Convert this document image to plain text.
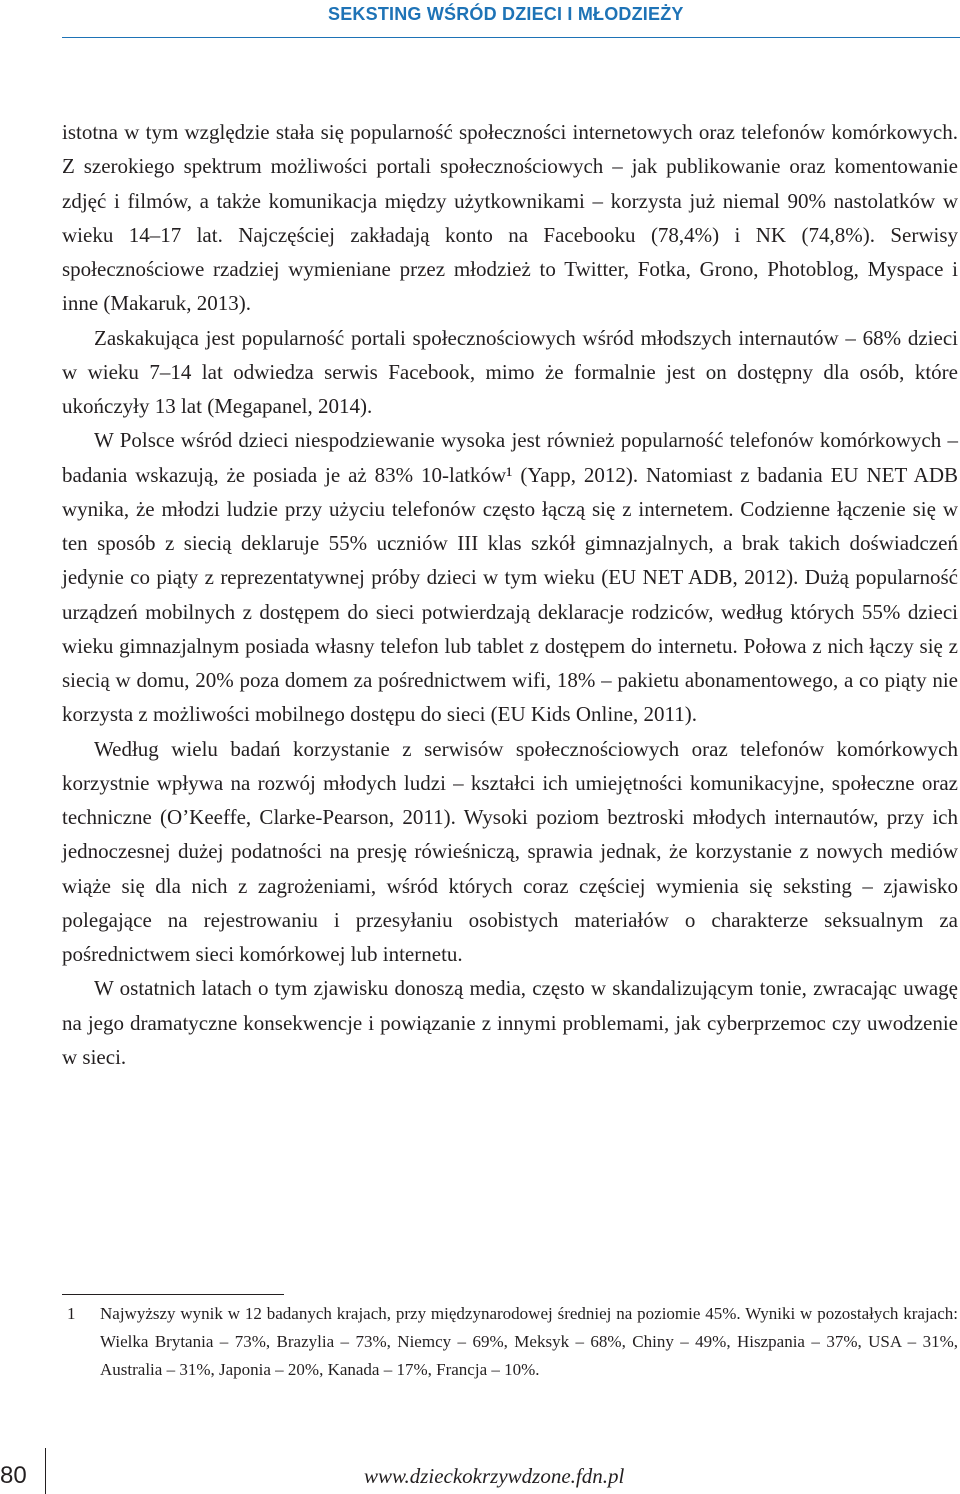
SEKSTING WŚRÓD DZIECI I MŁODZIEŻY

istotna w tym względzie stała się popularność społeczności internetowych oraz telefonów komórkowych. Z szerokiego spektrum możliwości portali społecznościowych – jak publikowanie oraz komentowanie zdjęć i filmów, a także komunikacja między użytkownikami – korzysta już niemal 90% nastolatków w wieku 14–17 lat. Najczęściej zakładają konto na Facebooku (78,4%) i NK (74,8%). Serwisy społecznościowe rzadziej wymieniane przez młodzież to Twitter, Fotka, Grono, Photoblog, Myspace i inne (Makaruk, 2013).

Zaskakująca jest popularność portali społecznościowych wśród młodszych internautów – 68% dzieci w wieku 7–14 lat odwiedza serwis Facebook, mimo że formalnie jest on dostępny dla osób, które ukończyły 13 lat (Megapanel, 2014).

W Polsce wśród dzieci niespodziewanie wysoka jest również popularność telefonów komórkowych – badania wskazują, że posiada je aż 83% 10-latków¹ (Yapp, 2012). Natomiast z badania EU NET ADB wynika, że młodzi ludzie przy użyciu telefonów często łączą się z internetem. Codzienne łączenie się w ten sposób z siecią deklaruje 55% uczniów III klas szkół gimnazjalnych, a brak takich doświadczeń jedynie co piąty z reprezentatywnej próby dzieci w tym wieku (EU NET ADB, 2012). Dużą popularność urządzeń mobilnych z dostępem do sieci potwierdzają deklaracje rodziców, według których 55% dzieci wieku gimnazjalnym posiada własny telefon lub tablet z dostępem do internetu. Połowa z nich łączy się z siecią w domu, 20% poza domem za pośrednictwem wifi, 18% – pakietu abonamentowego, a co piąty nie korzysta z możliwości mobilnego dostępu do sieci (EU Kids Online, 2011).

Według wielu badań korzystanie z serwisów społecznościowych oraz telefonów komórkowych korzystnie wpływa na rozwój młodych ludzi – kształci ich umiejętności komunikacyjne, społeczne oraz techniczne (O’Keeffe, Clarke-Pearson, 2011). Wysoki poziom beztroski młodych internautów, przy ich jednoczesnej dużej podatności na presję rówieśniczą, sprawia jednak, że korzystanie z nowych mediów wiąże się dla nich z zagrożeniami, wśród których coraz częściej wymienia się seksting – zjawisko polegające na rejestrowaniu i przesyłaniu osobistych materiałów o charakterze seksualnym za pośrednictwem sieci komórkowej lub internetu.

W ostatnich latach o tym zjawisku donoszą media, często w skandalizującym tonie, zwracając uwagę na jego dramatyczne konsekwencje i powiązanie z innymi problemami, jak cyberprzemoc czy uwodzenie w sieci.

1 Najwyższy wynik w 12 badanych krajach, przy międzynarodowej średniej na poziomie 45%. Wyniki w pozostałych krajach: Wielka Brytania – 73%, Brazylia – 73%, Niemcy – 69%, Meksyk – 68%, Chiny – 49%, Hiszpania – 37%, USA – 31%, Australia – 31%, Japonia – 20%, Kanada – 17%, Francja – 10%.
80	www.dzieckokrzywdzone.fdn.pl
